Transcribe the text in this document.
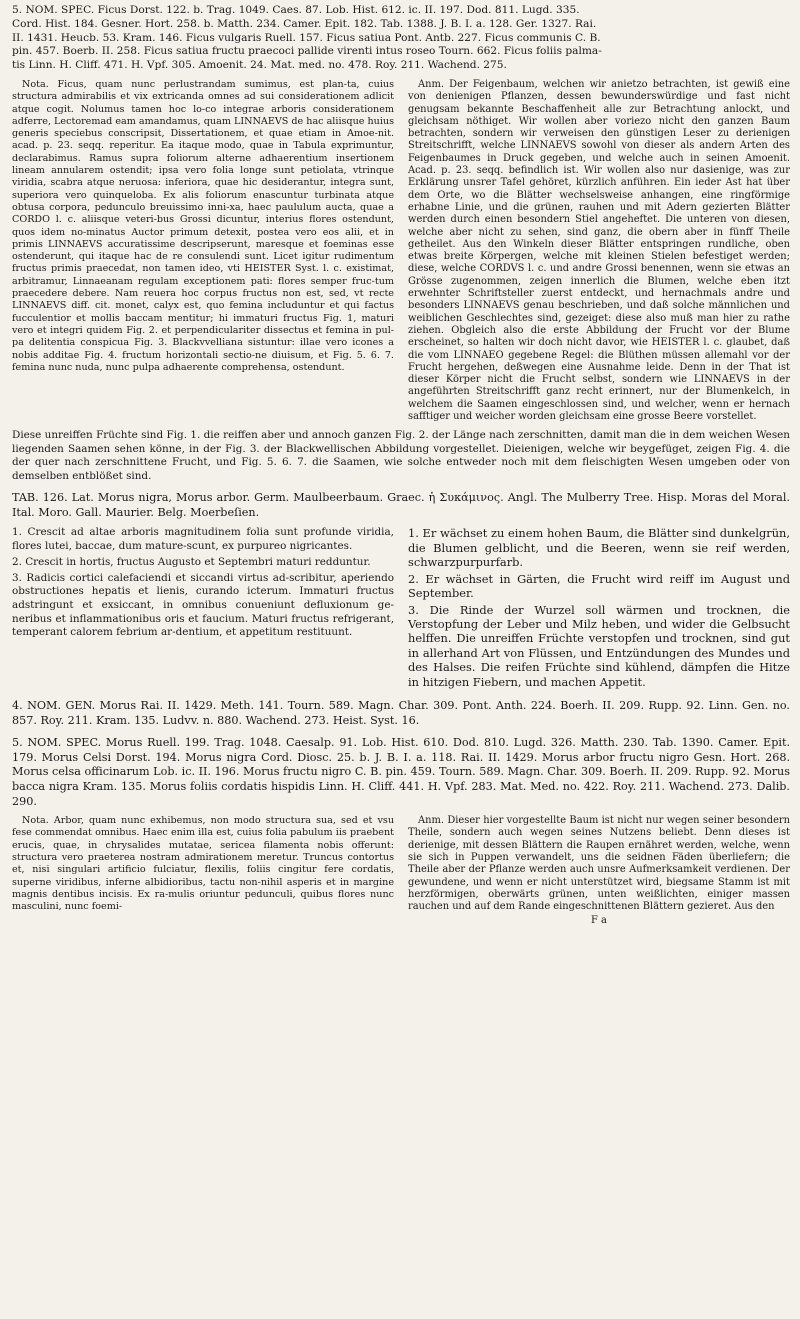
5. NOM. SPEC. Ficus Dorst. 122. b. Trag. 1049. Caes. 87. Lob. Hist. 612. ic. II. 197. Dod. 811. Lugd. 335.

Cord. Hist. 184. Gesner. Hort. 258. b. Matth. 234. Camer. Epit. 182. Tab. 1388. J. B. I. a. 128. Ger. 1327. Rai.

II. 1431. Heucb. 53. Kram. 146. Ficus vulgaris Ruell. 157. Ficus satiua Pont. Antb. 227. Ficus communis C. B.

pin. 457. Boerb. II. 258. Ficus satiua fructu praecoci pallide virenti intus roseo Tourn. 662. Ficus foliis palma-

tis Linn. H. Cliff. 471. H. Vpf. 305. Amoenit. 24. Mat. med. no. 478. Roy. 211. Wachend. 275.

Nota. Ficus, quam nunc perlustrandam sumimus, est plan-ta, cuius structura admirabilis et vix extricanda omnes ad sui considerationem adlicit atque cogit. Nolumus tamen hoc lo-co integrae arboris considerationem adferre, Lectoremad eam amandamus, quam LINNAEVS de hac aliisque huius generis speciebus conscripsit, Dissertationem, et quae etiam in Amoe-nit. acad. p. 23. seqq. reperitur. Ea itaque modo, quae in Tabula exprimuntur, declarabimus. Ramus supra foliorum alterne adhaerentium insertionem lineam annularem ostendit; ipsa vero folia longe sunt petiolata, vtrinque viridia, scabra atque neruosa: inferiora, quae hic desiderantur, integra sunt, superiora vero quinqueloba. Ex alis foliorum enascuntur turbinata atque obtusa corpora, pedunculo breuissimo inni-xa, haec paululum aucta, quae a CORDO l. c. aliisque veteri-bus Grossi dicuntur, interius flores ostendunt, quos idem no-minatus Auctor primum detexit, postea vero eos alii, et in primis LINNAEVS accuratissime descripserunt, maresque et foeminas esse ostenderunt, qui itaque hac de re consulendi sunt. Licet igitur rudimentum fructus primis praecedat, non tamen ideo, vti HEISTER Syst. l. c. existimat, arbitramur, Linnaeanam regulam exceptionem pati: flores semper fruc-tum praecedere debere. Nam reuera hoc corpus fructus non est, sed, vt recte LINNAEVS diff. cit. monet, calyx est, quo femina includuntur et qui factus fucculentior et mollis baccam mentitur; hi immaturi fructus Fig. 1, maturi vero et integri quidem Fig. 2. et perpendiculariter dissectus et femina in pul-pa delitentia conspicua Fig. 3. Blackvvelliana sistuntur: illae vero icones a nobis additae Fig. 4. fructum horizontali sectio-ne diuisum, et Fig. 5. 6. 7. femina nunc nuda, nunc pulpa adhaerente comprehensa, ostendunt.

Anm. Der Feigenbaum, welchen wir anietzo betrachten, ist gewiß eine von denienigen Pflanzen, dessen bewunderswürdige und fast nicht genugsam bekannte Beschaffenheit alle zur Betrachtung anlockt, und gleichsam nöthiget. Wir wollen aber voriezo nicht den ganzen Baum betrachten, sondern wir verweisen den günstigen Leser zu derienigen Streitschrifft, welche LINNAEVS sowohl von dieser als andern Arten des Feigenbaumes in Druck gegeben, und welche auch in seinen Amoenit. Acad. p. 23. seqq. befindlich ist. Wir wollen also nur dasienige, was zur Erklärung unsrer Tafel gehöret, kürzlich anführen. Ein ieder Ast hat über dem Orte, wo die Blätter wechselsweise anhangen, eine ringförmige erhabne Linie, und die grünen, rauhen und mit Adern gezierten Blätter werden durch einen besondern Stiel angeheftet. Die unteren von diesen, welche aber nicht zu sehen, sind ganz, die obern aber in fünff Theile getheilet. Aus den Winkeln dieser Blätter entspringen rundliche, oben etwas breite Körpergen, welche mit kleinen Stielen befestiget werden; diese, welche CORDVS l. c. und andre Grossi benennen, wenn sie etwas an Grösse zugenommen, zeigen innerlich die Blumen, welche eben itzt erwehnter Schriftsteller zuerst entdeckt, und hernachmals andre und besonders LINNAEVS genau beschrieben, und daß solche männlichen und weiblichen Geschlechtes sind, gezeiget: diese also muß man hier zu rathe ziehen. Obgleich also die erste Abbildung der Frucht vor der Blume erscheinet, so halten wir doch nicht davor, wie HEISTER l. c. glaubet, daß die vom LINNAEO gegebene Regel: die Blüthen müssen allemahl vor der Frucht hergehen, deßwegen eine Ausnahme leide. Denn in der That ist dieser Körper nicht die Frucht selbst, sondern wie LINNAEVS in der angeführten Streitschrifft ganz recht erinnert, nur der Blumenkelch, in welchem die Saamen eingeschlossen sind, und welcher, wenn er hernach safftiger und weicher worden gleichsam eine grosse Beere vorstellet.

Diese unreiffen Früchte sind Fig. 1. die reiffen aber und annoch ganzen Fig. 2. der Länge nach zerschnitten, damit man die in dem weichen Wesen liegenden Saamen sehen könne, in der Fig. 3. der Blackwellischen Abbildung vorgestellet. Dieienigen, welche wir beygefüget, zeigen Fig. 4. die der quer nach zerschnittene Frucht, und Fig. 5. 6. 7. die Saamen, wie solche entweder noch mit dem fleischigten Wesen umgeben oder von demselben entblößet sind.

TAB. 126. Lat. Morus nigra, Morus arbor. Germ. Maulbeerbaum. Graec. ἡ Συκάμινος. Angl. The Mulberry Tree. Hisp. Moras del Moral. Ital. Moro. Gall. Maurier. Belg. Moerbeſien.

1. Crescit ad altae arboris magnitudinem folia sunt profunde viridia, flores lutei, baccae, dum mature-scunt, ex purpureo nigricantes.

2. Crescit in hortis, fructus Augusto et Septembri maturi redduntur.

3. Radicis cortici calefaciendi et siccandi virtus ad-scribitur, aperiendo obstructiones hepatis et lienis, curando icterum. Immaturi fructus adstringunt et exsiccant, in omnibus conueniunt defluxionum ge-neribus et inflammationibus oris et faucium. Maturi fructus refrigerant, temperant calorem febrium ar-dentium, et appetitum restituunt.

1. Er wächset zu einem hohen Baum, die Blätter sind dunkelgrün, die Blumen gelblicht, und die Beeren, wenn sie reif werden, schwarzpurpurfarb.

2. Er wächset in Gärten, die Frucht wird reiff im August und September.

3. Die Rinde der Wurzel soll wärmen und trocknen, die Verstopfung der Leber und Milz heben, und wider die Gelbsucht helffen. Die unreiffen Früchte verstopfen und trocknen, sind gut in allerhand Art von Flüssen, und Entzündungen des Mundes und des Halses. Die reifen Früchte sind kühlend, dämpfen die Hitze in hitzigen Fiebern, und machen Appetit.

4. NOM. GEN. Morus Rai. II. 1429. Meth. 141. Tourn. 589. Magn. Char. 309. Pont. Anth. 224. Boerh. II. 209. Rupp. 92. Linn. Gen. no. 857. Roy. 211. Kram. 135. Ludvv. n. 880. Wachend. 273. Heist. Syst. 16.
5. NOM. SPEC. Morus Ruell. 199. Trag. 1048. Caesalp. 91. Lob. Hist. 610. Dod. 810. Lugd. 326. Matth. 230. Tab. 1390. Camer. Epit. 179. Morus Celsi Dorst. 194. Morus nigra Cord. Diosc. 25. b. J. B. I. a. 118. Rai. II. 1429. Morus arbor fructu nigro Gesn. Hort. 268. Morus celsa officinarum Lob. ic. II. 196. Morus fructu nigro C. B. pin. 459. Tourn. 589. Magn. Char. 309. Boerh. II. 209. Rupp. 92. Morus bacca nigra Kram. 135. Morus foliis cordatis hispidis Linn. H. Cliff. 441. H. Vpf. 283. Mat. Med. no. 422. Roy. 211. Wachend. 273. Dalib. 290.

Nota. Arbor, quam nunc exhibemus, non modo structura sua, sed et vsu fese commendat omnibus. Haec enim illa est, cuius folia pabulum iis praebent erucis, quae, in chrysalides mutatae, sericea filamenta nobis offerunt: structura vero praeterea nostram admirationem meretur. Truncus contortus et, nisi singulari artificio fulciatur, flexilis, foliis cingitur fere cordatis, superne viridibus, inferne albidioribus, tactu non-nihil asperis et in margine magnis dentibus incisis. Ex ra-mulis oriuntur pedunculi, quibus flores nunc masculini, nunc foemi-

Anm. Dieser hier vorgestellte Baum ist nicht nur wegen seiner besondern Theile, sondern auch wegen seines Nutzens beliebt. Denn dieses ist derienige, mit dessen Blättern die Raupen ernähret werden, welche, wenn sie sich in Puppen verwandelt, uns die seidnen Fäden überliefern; die Theile aber der Pflanze werden auch unsre Aufmerksamkeit verdienen. Der gewundene, und wenn er nicht unterstützet wird, biegsame Stamm ist mit herzförmigen, oberwärts grünen, unten weißlichten, einiger massen rauchen und auf dem Rande eingeschnittenen Blättern gezieret. Aus den

F a
